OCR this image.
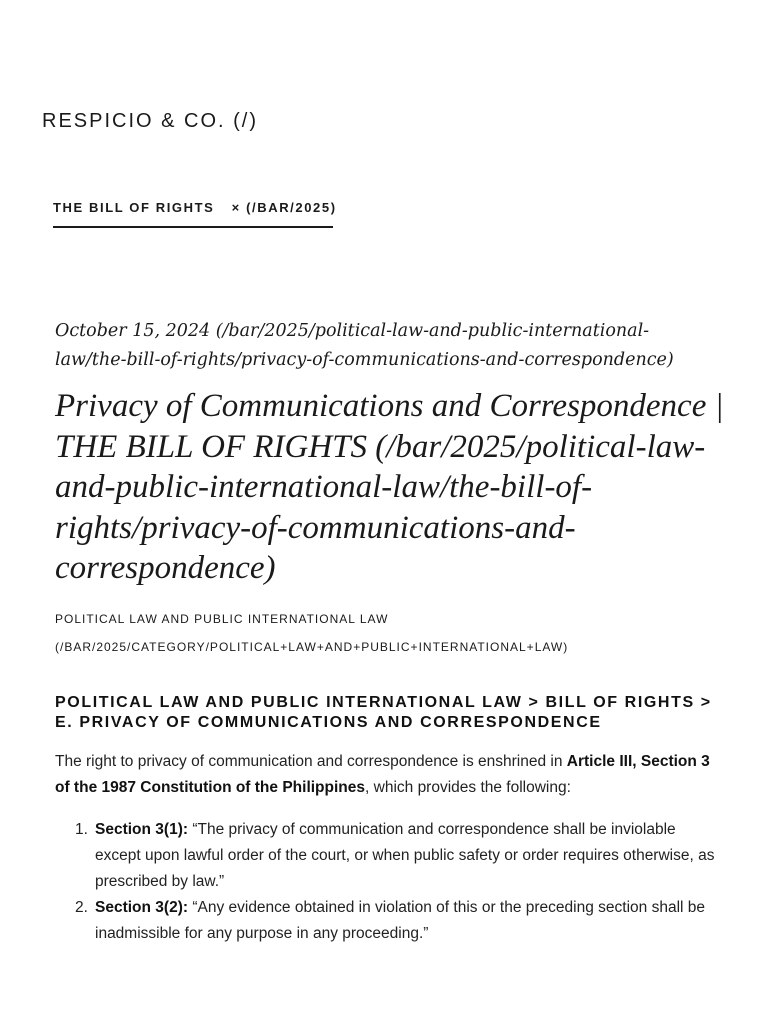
RESPICIO & CO. (/)
THE BILL OF RIGHTS × (/BAR/2025)
October 15, 2024 (/bar/2025/political-law-and-public-international-law/the-bill-of-rights/privacy-of-communications-and-correspondence)
Privacy of Communications and Correspondence | THE BILL OF RIGHTS (/bar/2025/political-law-and-public-international-law/the-bill-of-rights/privacy-of-communications-and-correspondence)
POLITICAL LAW AND PUBLIC INTERNATIONAL LAW
(/BAR/2025/CATEGORY/POLITICAL+LAW+AND+PUBLIC+INTERNATIONAL+LAW)
POLITICAL LAW AND PUBLIC INTERNATIONAL LAW > BILL OF RIGHTS > E. PRIVACY OF COMMUNICATIONS AND CORRESPONDENCE

The right to privacy of communication and correspondence is enshrined in Article III, Section 3 of the 1987 Constitution of the Philippines, which provides the following:

1. Section 3(1): “The privacy of communication and correspondence shall be inviolable except upon lawful order of the court, or when public safety or order requires otherwise, as prescribed by law.”
2. Section 3(2): “Any evidence obtained in violation of this or the preceding section shall be inadmissible for any purpose in any proceeding.”
